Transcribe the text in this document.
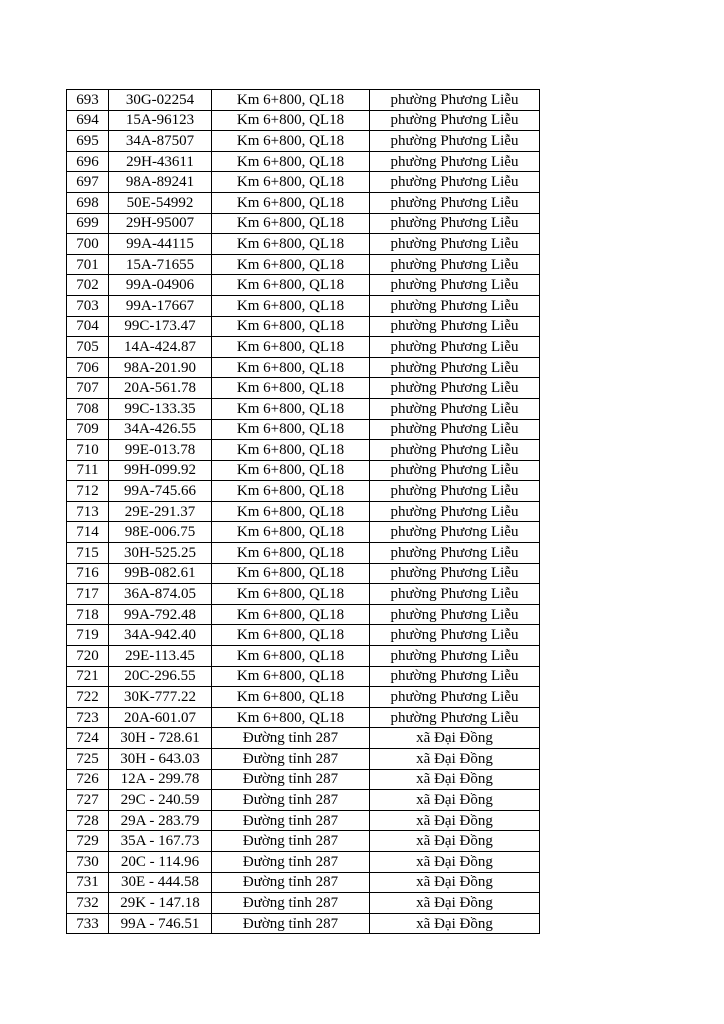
693	30G-02254	Km 6+800, QL18	phường Phương Liễu
694	15A-96123	Km 6+800, QL18	phường Phương Liễu
695	34A-87507	Km 6+800, QL18	phường Phương Liễu
696	29H-43611	Km 6+800, QL18	phường Phương Liễu
697	98A-89241	Km 6+800, QL18	phường Phương Liễu
698	50E-54992	Km 6+800, QL18	phường Phương Liễu
699	29H-95007	Km 6+800, QL18	phường Phương Liễu
700	99A-44115	Km 6+800, QL18	phường Phương Liễu
701	15A-71655	Km 6+800, QL18	phường Phương Liễu
702	99A-04906	Km 6+800, QL18	phường Phương Liễu
703	99A-17667	Km 6+800, QL18	phường Phương Liễu
704	99C-173.47	Km 6+800, QL18	phường Phương Liễu
705	14A-424.87	Km 6+800, QL18	phường Phương Liễu
706	98A-201.90	Km 6+800, QL18	phường Phương Liễu
707	20A-561.78	Km 6+800, QL18	phường Phương Liễu
708	99C-133.35	Km 6+800, QL18	phường Phương Liễu
709	34A-426.55	Km 6+800, QL18	phường Phương Liễu
710	99E-013.78	Km 6+800, QL18	phường Phương Liễu
711	99H-099.92	Km 6+800, QL18	phường Phương Liễu
712	99A-745.66	Km 6+800, QL18	phường Phương Liễu
713	29E-291.37	Km 6+800, QL18	phường Phương Liễu
714	98E-006.75	Km 6+800, QL18	phường Phương Liễu
715	30H-525.25	Km 6+800, QL18	phường Phương Liễu
716	99B-082.61	Km 6+800, QL18	phường Phương Liễu
717	36A-874.05	Km 6+800, QL18	phường Phương Liễu
718	99A-792.48	Km 6+800, QL18	phường Phương Liễu
719	34A-942.40	Km 6+800, QL18	phường Phương Liễu
720	29E-113.45	Km 6+800, QL18	phường Phương Liễu
721	20C-296.55	Km 6+800, QL18	phường Phương Liễu
722	30K-777.22	Km 6+800, QL18	phường Phương Liễu
723	20A-601.07	Km 6+800, QL18	phường Phương Liễu
724	30H - 728.61	Đường tỉnh 287	xã Đại Đồng
725	30H - 643.03	Đường tỉnh 287	xã Đại Đồng
726	12A - 299.78	Đường tỉnh 287	xã Đại Đồng
727	29C - 240.59	Đường tỉnh 287	xã Đại Đồng
728	29A - 283.79	Đường tỉnh 287	xã Đại Đồng
729	35A - 167.73	Đường tỉnh 287	xã Đại Đồng
730	20C - 114.96	Đường tỉnh 287	xã Đại Đồng
731	30E - 444.58	Đường tỉnh 287	xã Đại Đồng
732	29K - 147.18	Đường tỉnh 287	xã Đại Đồng
733	99A - 746.51	Đường tỉnh 287	xã Đại Đồng
